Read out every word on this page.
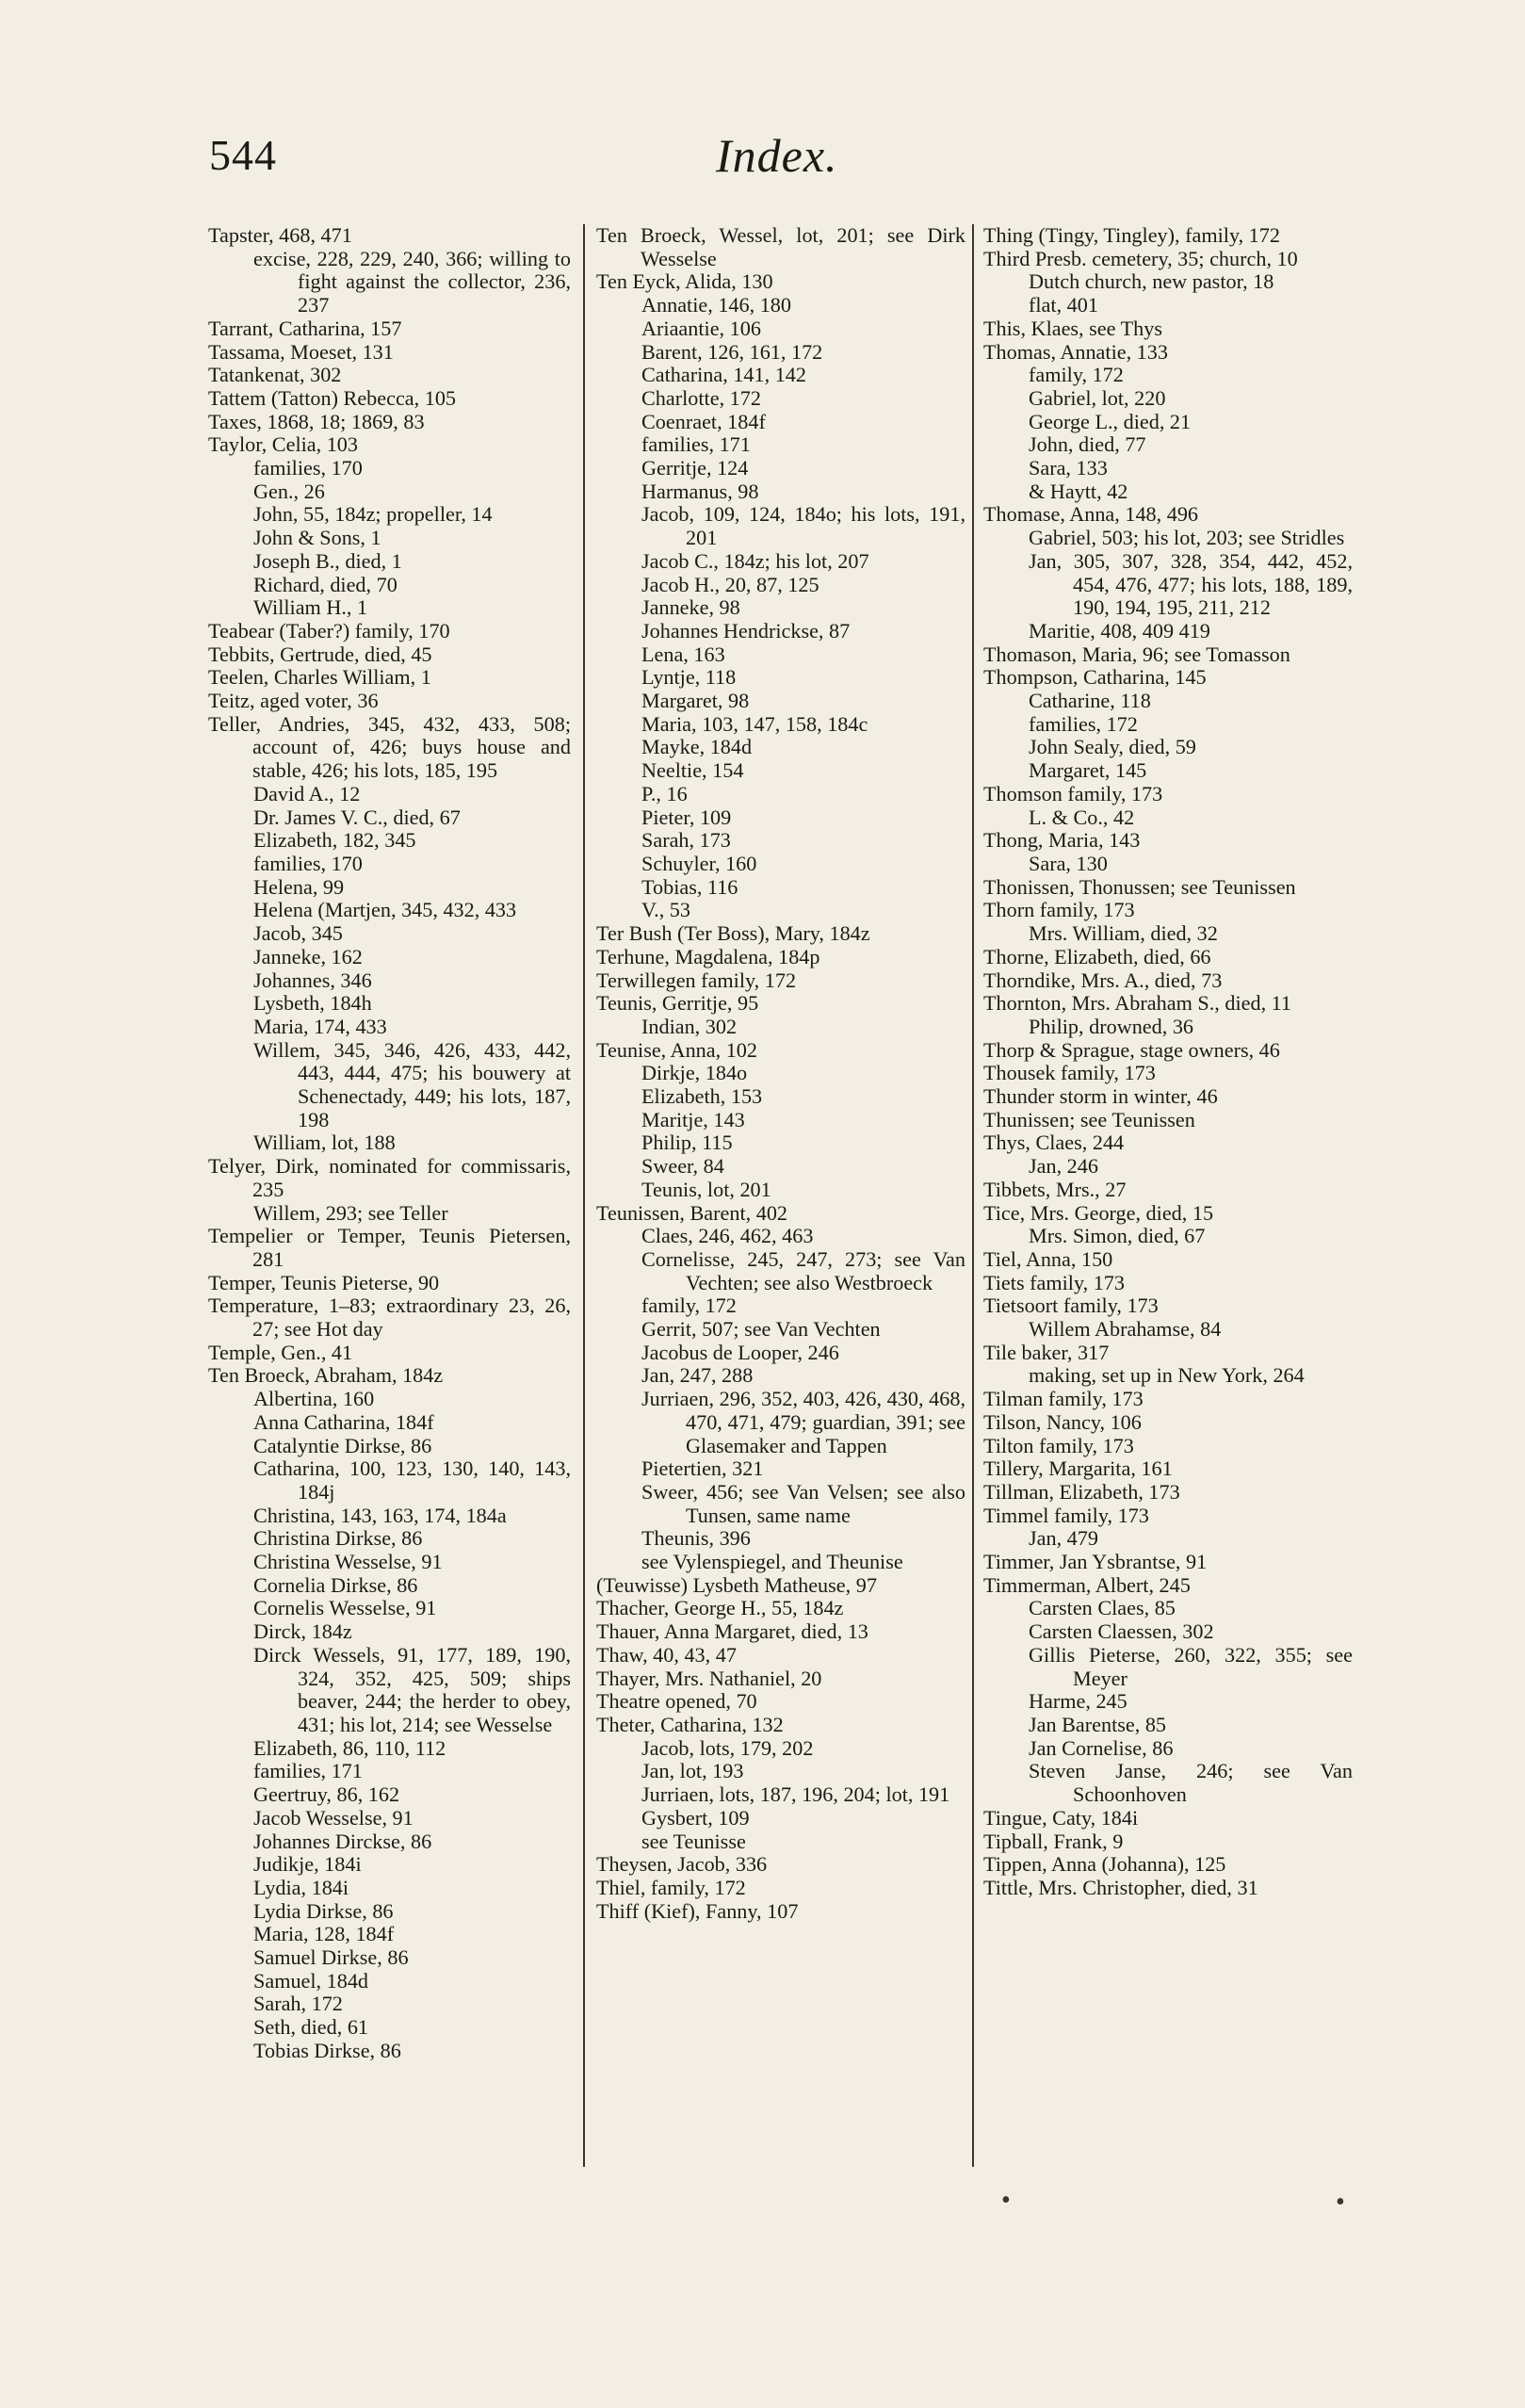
544	Index.
Tapster, 468, 471
excise, 228, 229, 240, 366; willing to fight against the collector, 236, 237
Tarrant, Catharina, 157
Tassama, Moeset, 131
Tatankenat, 302
Tattem (Tatton) Rebecca, 105
Taxes, 1868, 18; 1869, 83
Taylor, Celia, 103
families, 170
Gen., 26
John, 55, 184z; propeller, 14
John & Sons, 1
Joseph B., died, 1
Richard, died, 70
William H., 1
Teabear (Taber?) family, 170
Tebbits, Gertrude, died, 45
Teelen, Charles William, 1
Teitz, aged voter, 36
Teller, Andries, 345, 432, 433, 508; account of, 426; buys house and stable, 426; his lots, 185, 195
David A., 12
Dr. James V. C., died, 67
Elizabeth, 182, 345
families, 170
Helena, 99
Helena (Martjen, 345, 432, 433
Jacob, 345
Janneke, 162
Johannes, 346
Lysbeth, 184h
Maria, 174, 433
Willem, 345, 346, 426, 433, 442, 443, 444, 475; his bouwery at Schenectady, 449; his lots, 187, 198
William, lot, 188
Telyer, Dirk, nominated for commissaris, 235
Willem, 293; see Teller
Tempelier or Temper, Teunis Pietersen, 281
Temper, Teunis Pieterse, 90
Temperature, 1–83; extraordinary 23, 26, 27; see Hot day
Temple, Gen., 41
Ten Broeck, Abraham, 184z
Albertina, 160
Anna Catharina, 184f
Catalyntie Dirkse, 86
Catharina, 100, 123, 130, 140, 143, 184j
Christina, 143, 163, 174, 184a
Christina Dirkse, 86
Christina Wesselse, 91
Cornelia Dirkse, 86
Cornelis Wesselse, 91
Dirck, 184z
Dirck Wessels, 91, 177, 189, 190, 324, 352, 425, 509; ships beaver, 244; the herder to obey, 431; his lot, 214; see Wesselse
Elizabeth, 86, 110, 112
families, 171
Geertruy, 86, 162
Jacob Wesselse, 91
Johannes Dirckse, 86
Judikje, 184i
Lydia, 184i
Lydia Dirkse, 86
Maria, 128, 184f
Samuel Dirkse, 86
Samuel, 184d
Sarah, 172
Seth, died, 61
Tobias Dirkse, 86
Ten Broeck, Wessel, lot, 201; see Dirk Wesselse
Ten Eyck, Alida, 130
Annatie, 146, 180
Ariaantie, 106
Barent, 126, 161, 172
Catharina, 141, 142
Charlotte, 172
Coenraet, 184f
families, 171
Gerritje, 124
Harmanus, 98
Jacob, 109, 124, 184o; his lots, 191, 201
Jacob C., 184z; his lot, 207
Jacob H., 20, 87, 125
Janneke, 98
Johannes Hendrickse, 87
Lena, 163
Lyntje, 118
Margaret, 98
Maria, 103, 147, 158, 184c
Mayke, 184d
Neeltie, 154
P., 16
Pieter, 109
Sarah, 173
Schuyler, 160
Tobias, 116
V., 53
Ter Bush (Ter Boss), Mary, 184z
Terhune, Magdalena, 184p
Terwillegen family, 172
Teunis, Gerritje, 95
Indian, 302
Teunise, Anna, 102
Dirkje, 184o
Elizabeth, 153
Maritje, 143
Philip, 115
Sweer, 84
Teunis, lot, 201
Teunissen, Barent, 402
Claes, 246, 462, 463
Cornelisse, 245, 247, 273; see Van Vechten; see also Westbroeck
family, 172
Gerrit, 507; see Van Vechten
Jacobus de Looper, 246
Jan, 247, 288
Jurriaen, 296, 352, 403, 426, 430, 468, 470, 471, 479; guardian, 391; see Glasemaker and Tappen
Pietertien, 321
Sweer, 456; see Van Velsen; see also Tunsen, same name
Theunis, 396
see Vylenspiegel, and Theunise
(Teuwisse) Lysbeth Matheuse, 97
Thacher, George H., 55, 184z
Thauer, Anna Margaret, died, 13
Thaw, 40, 43, 47
Thayer, Mrs. Nathaniel, 20
Theatre opened, 70
Theter, Catharina, 132
Jacob, lots, 179, 202
Jan, lot, 193
Jurriaen, lots, 187, 196, 204; lot, 191
Gysbert, 109
see Teunisse
Theysen, Jacob, 336
Thiel, family, 172
Thiff (Kief), Fanny, 107
Thing (Tingy, Tingley), family, 172
Third Presb. cemetery, 35; church, 10
Dutch church, new pastor, 18
flat, 401
This, Klaes, see Thys
Thomas, Annatie, 133
family, 172
Gabriel, lot, 220
George L., died, 21
John, died, 77
Sara, 133
& Haytt, 42
Thomase, Anna, 148, 496
Gabriel, 503; his lot, 203; see Stridles
Jan, 305, 307, 328, 354, 442, 452, 454, 476, 477; his lots, 188, 189, 190, 194, 195, 211, 212
Maritie, 408, 409 419
Thomason, Maria, 96; see Tomasson
Thompson, Catharina, 145
Catharine, 118
families, 172
John Sealy, died, 59
Margaret, 145
Thomson family, 173
L. & Co., 42
Thong, Maria, 143
Sara, 130
Thonissen, Thonussen; see Teunissen
Thorn family, 173
Mrs. William, died, 32
Thorne, Elizabeth, died, 66
Thorndike, Mrs. A., died, 73
Thornton, Mrs. Abraham S., died, 11
Philip, drowned, 36
Thorp & Sprague, stage owners, 46
Thousek family, 173
Thunder storm in winter, 46
Thunissen; see Teunissen
Thys, Claes, 244
Jan, 246
Tibbets, Mrs., 27
Tice, Mrs. George, died, 15
Mrs. Simon, died, 67
Tiel, Anna, 150
Tiets family, 173
Tietsoort family, 173
Willem Abrahamse, 84
Tile baker, 317
making, set up in New York, 264
Tilman family, 173
Tilson, Nancy, 106
Tilton family, 173
Tillery, Margarita, 161
Tillman, Elizabeth, 173
Timmel family, 173
Jan, 479
Timmer, Jan Ysbrantse, 91
Timmerman, Albert, 245
Carsten Claes, 85
Carsten Claessen, 302
Gillis Pieterse, 260, 322, 355; see Meyer
Harme, 245
Jan Barentse, 85
Jan Cornelise, 86
Steven Janse, 246; see Van Schoonhoven
Tingue, Caty, 184i
Tipball, Frank, 9
Tippen, Anna (Johanna), 125
Tittle, Mrs. Christopher, died, 31
•	•
